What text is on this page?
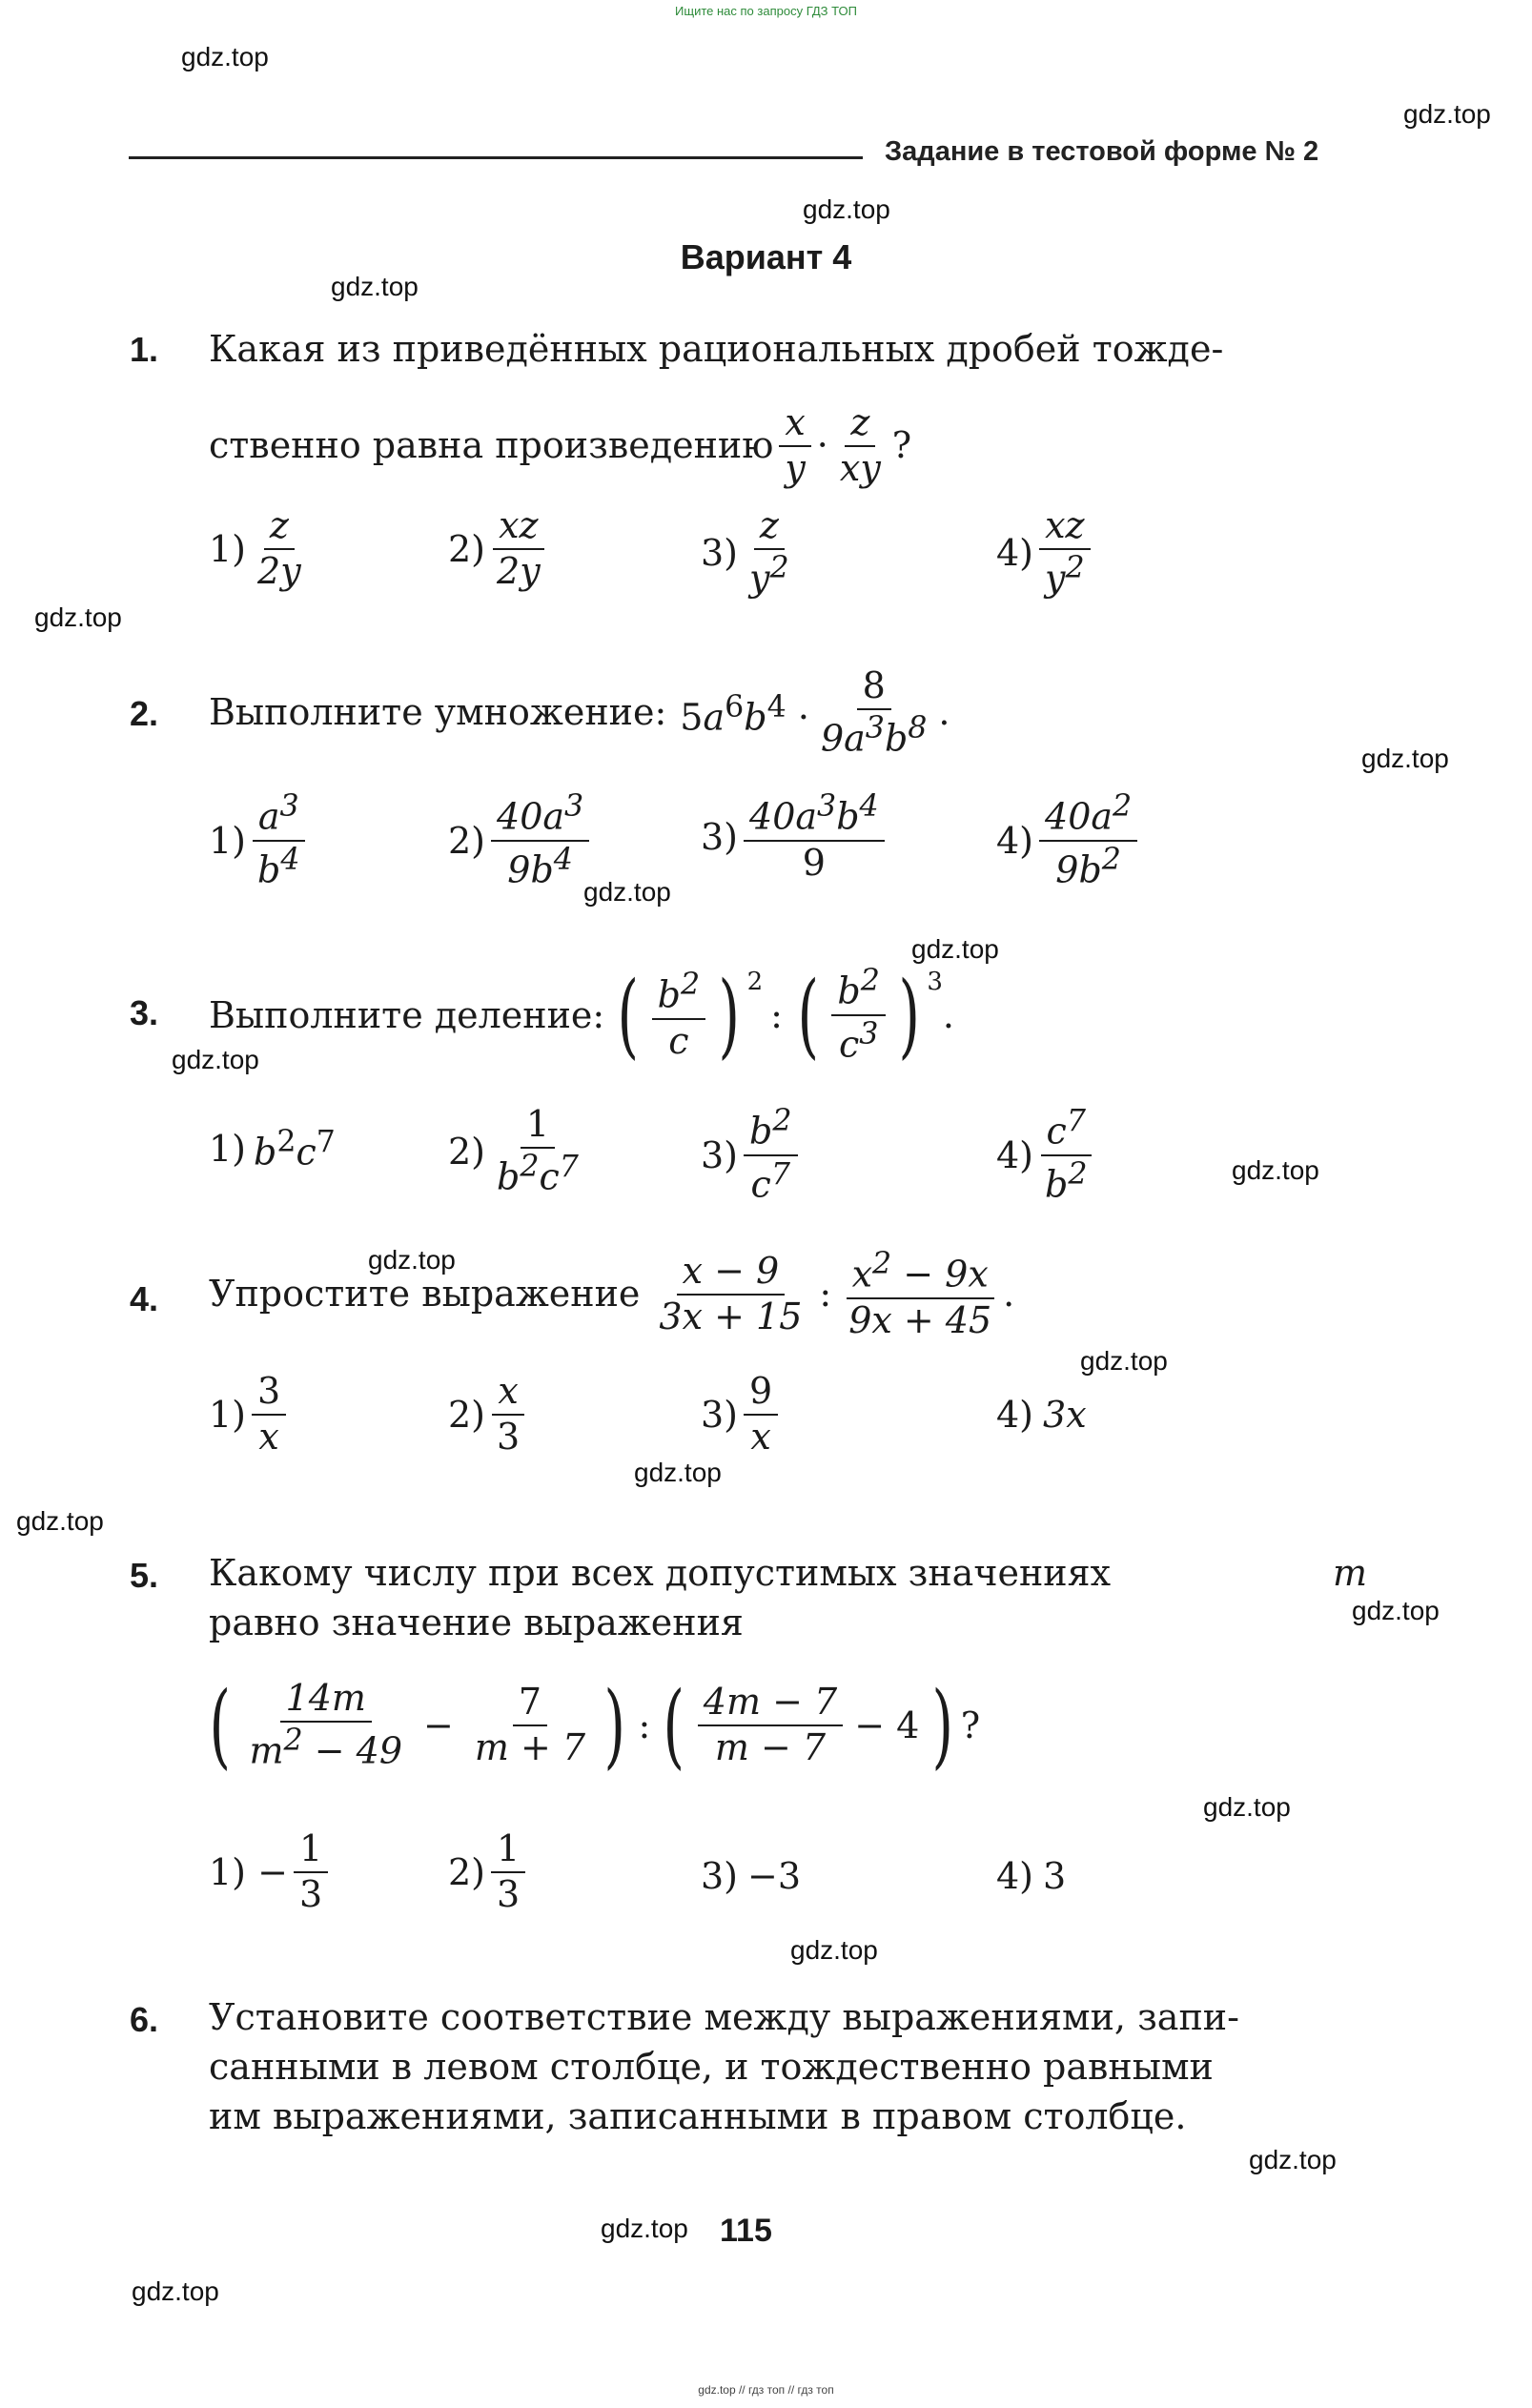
Ищите нас по запросу ГДЗ ТОП
gdz.top
gdz.top
gdz.top
gdz.top
gdz.top
gdz.top
gdz.top
gdz.top
gdz.top
gdz.top
gdz.top
gdz.top
gdz.top
gdz.top
gdz.top
gdz.top
gdz.top
gdz.top
gdz.top
gdz.top
Задание в тестовой форме № 2
Вариант 4
1. Какая из приведённых рациональных дробей тожде-
ственно равна произведению $\frac{x}{y} \cdot \frac{z}{xy}$ ?
$1) \frac{z}{2y}$	$2) \frac{xz}{2y}$	$3) \frac{z}{y^2}$	$4) \frac{xz}{y^2}$
2. Выполните умножение: $5a^6b^4 \cdot \frac{8}{9a^3b^8}$ .
$1) \frac{a^3}{b^4}$	$2) \frac{40a^3}{9b^4}$	$3) \frac{40a^3b^4}{9}$	$4) \frac{40a^2}{9b^2}$
3. Выполните деление: ( $\frac{b^2}{c}$ ) $^2$
: ( $\frac{b^2}{c^3}$ ) $^3$
.
1) $b^2c^7$	$2) \frac{1}{b^2c^7}$	$3) \frac{b^2}{c^7}$	$4) \frac{c^7}{b^2}$
4. Упростите выражение $\frac{x - 9}{3x + 15}$ : $\frac{x^2 - 9x}{9x + 45}$ .
$1) \frac{3}{x}$	$2) \frac{x}{3}$	$3) \frac{9}{x}$	4) 3x
5. Какому числу при всех допустимых значениях	m
равно значение выражения
( $\frac{14m}{m^2 - 49} - \frac{7}{m + 7}$ ) : ( $\frac{4m - 7}{m - 7} - 4$ ) ?
$1) - \frac{1}{3}$	$2) \frac{1}{3}$	3) −3	4) 3
6. Установите соответствие между выражениями, запи-
санными в левом столбце, и тождественно равными
им выражениями, записанными в правом столбце.
115
gdz.top // гдз топ // гдз топ
